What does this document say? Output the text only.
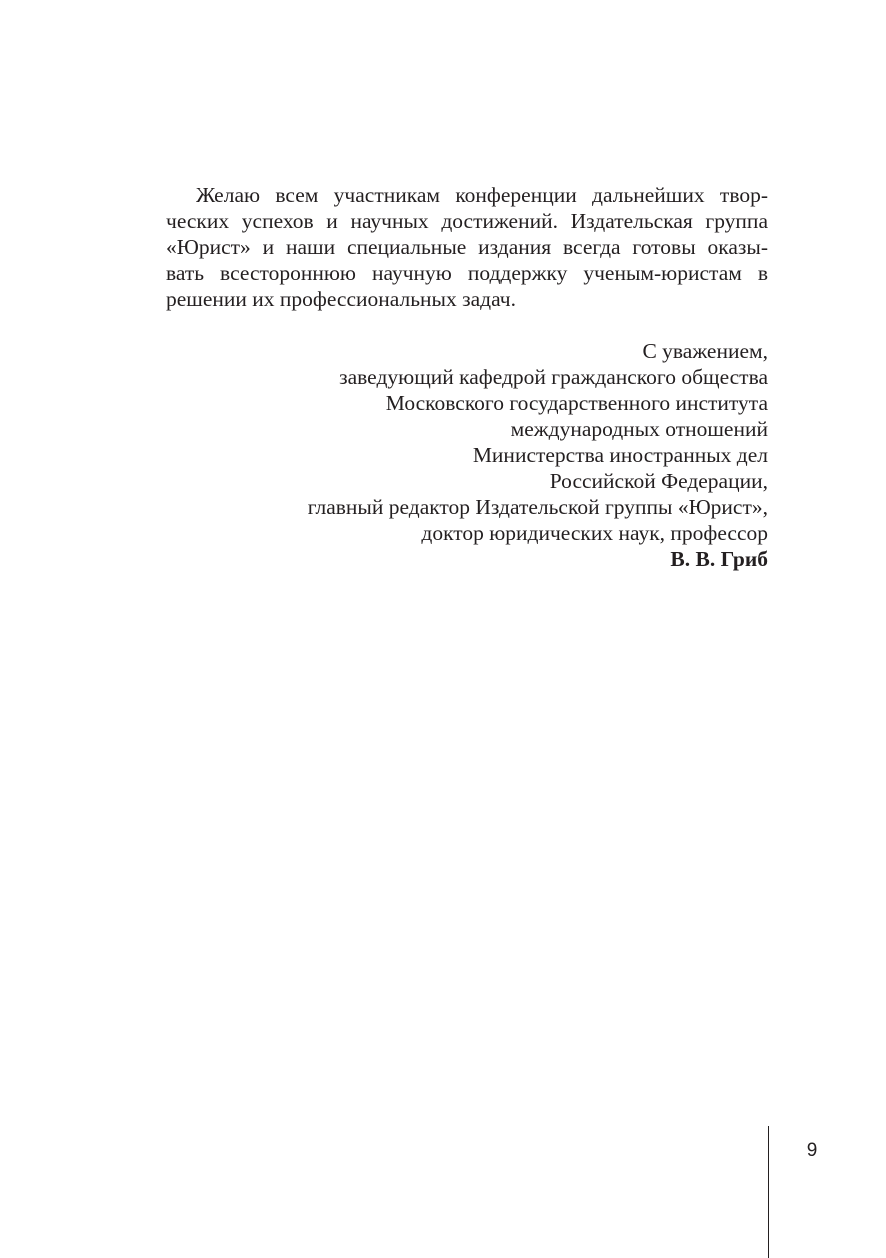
Желаю всем участникам конференции дальнейших твор-
ческих успехов и научных достижений. Издательская группа
«Юрист» и наши специальные издания всегда готовы оказы-
вать всестороннюю научную поддержку ученым-юристам в
решении их профессиональных задач.
С уважением,
заведующий кафедрой гражданского общества
Московского государственного института
международных отношений
Министерства иностранных дел
Российской Федерации,
главный редактор Издательской группы «Юрист»,
доктор юридических наук, профессор
В. В. Гриб
9
